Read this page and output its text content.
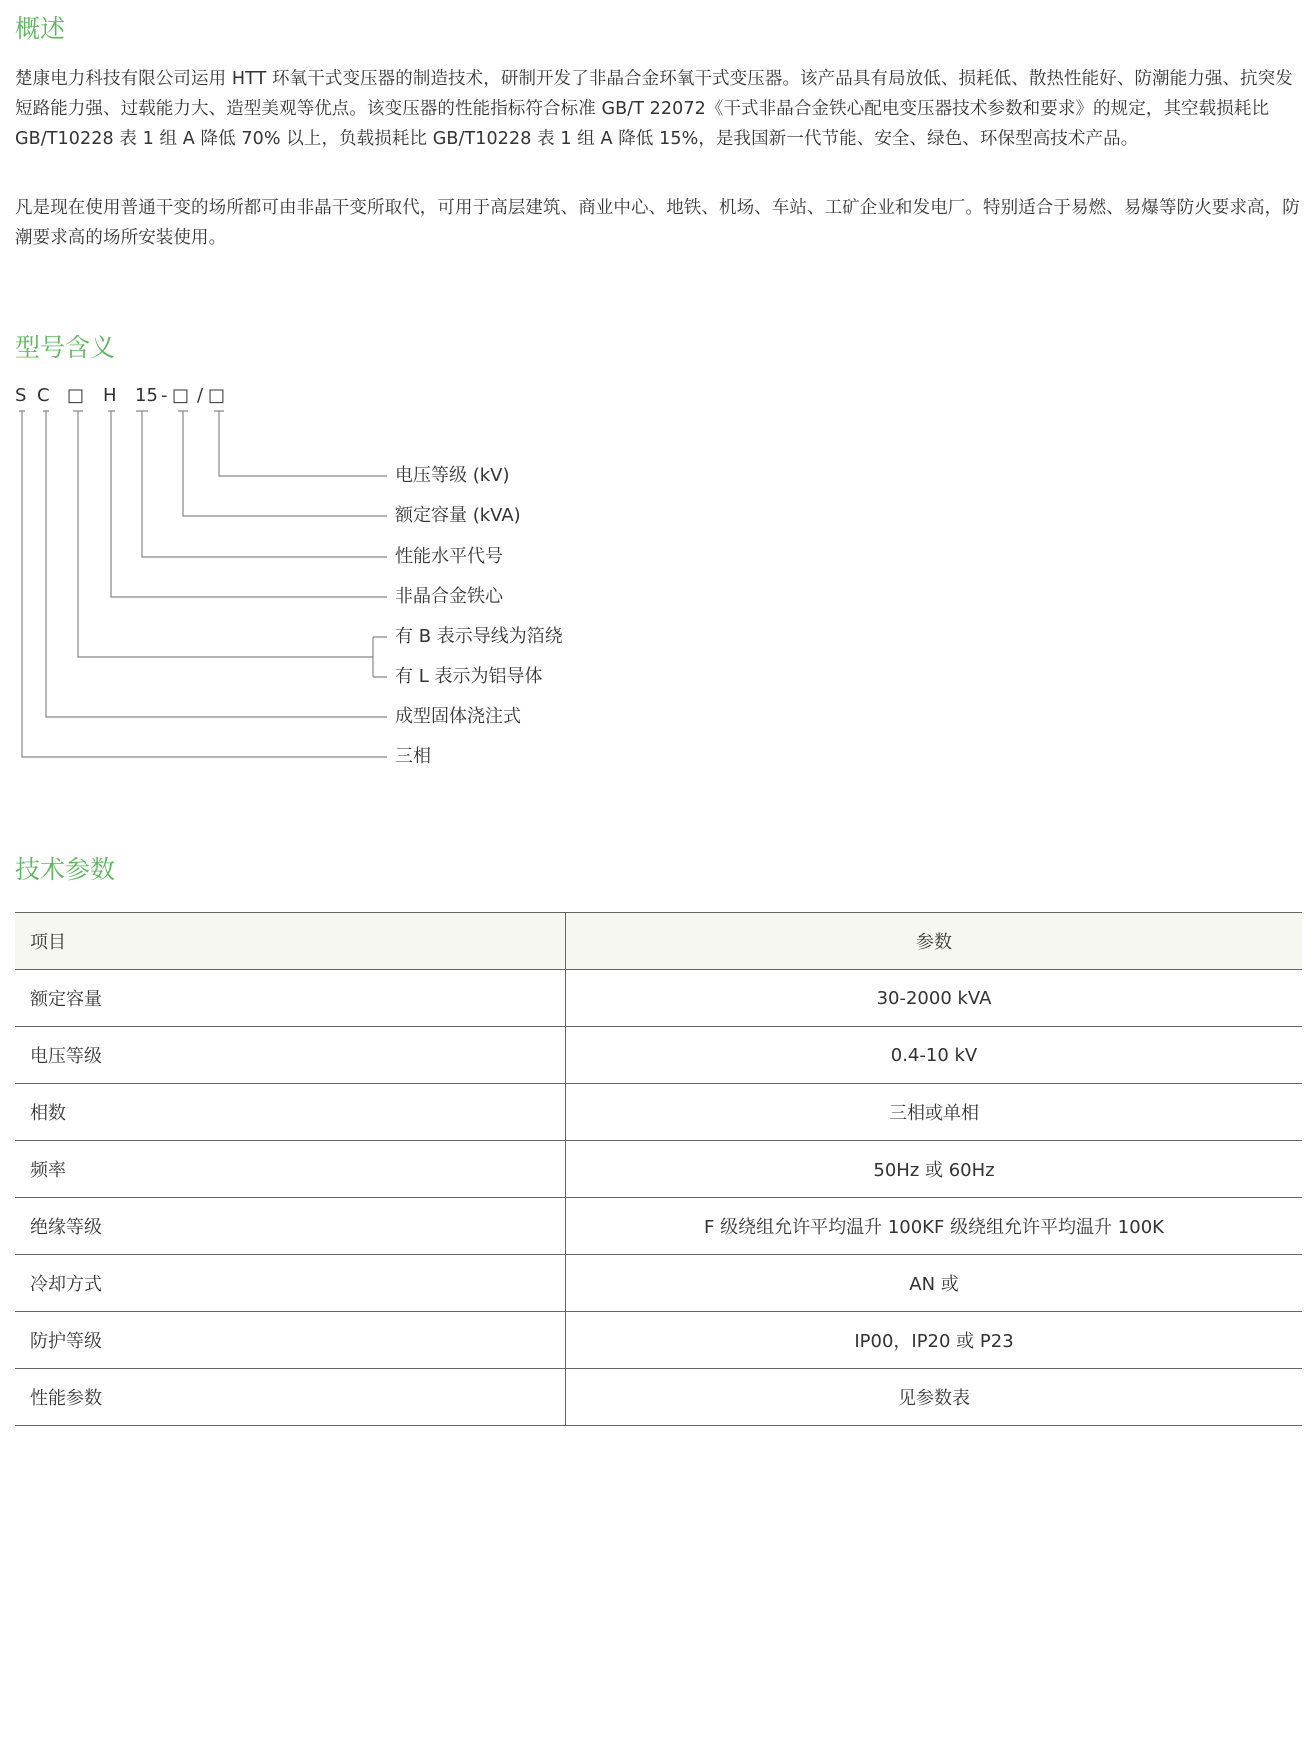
概述

楚康电力科技有限公司运用 HTT 环氧干式变压器的制造技术，研制开发了非晶合金环氧干式变压器。该产品具有局放低、损耗低、散热性能好、防潮能力强、抗突发短路能力强、过载能力大、造型美观等优点。该变压器的性能指标符合标准 GB/T 22072《干式非晶合金铁心配电变压器技术参数和要求》的规定，其空载损耗比 GB/T10228 表 1 组 A 降低 70% 以上，负载损耗比 GB/T10228 表 1 组 A 降低 15%，是我国新一代节能、安全、绿色、环保型高技术产品。

凡是现在使用普通干变的场所都可由非晶干变所取代，可用于高层建筑、商业中心、地铁、机场、车站、工矿企业和发电厂。特别适合于易燃、易爆等防火要求高，防潮要求高的场所安装使用。

型号含义
S C □ H 15 - □ / □
电压等级 (kV)
额定容量 (kVA)
性能水平代号
非晶合金铁心
有 B 表示导线为箔绕
有 L 表示为铝导体
成型固体浇注式
三相
技术参数
项目	参数
额定容量	30-2000 kVA
电压等级	0.4-10 kV
相数	三相或单相
频率	50Hz 或 60Hz
绝缘等级	F 级绕组允许平均温升 100KF 级绕组允许平均温升 100K
冷却方式	AN 或
防护等级	IP00，IP20 或 P23
性能参数	见参数表
